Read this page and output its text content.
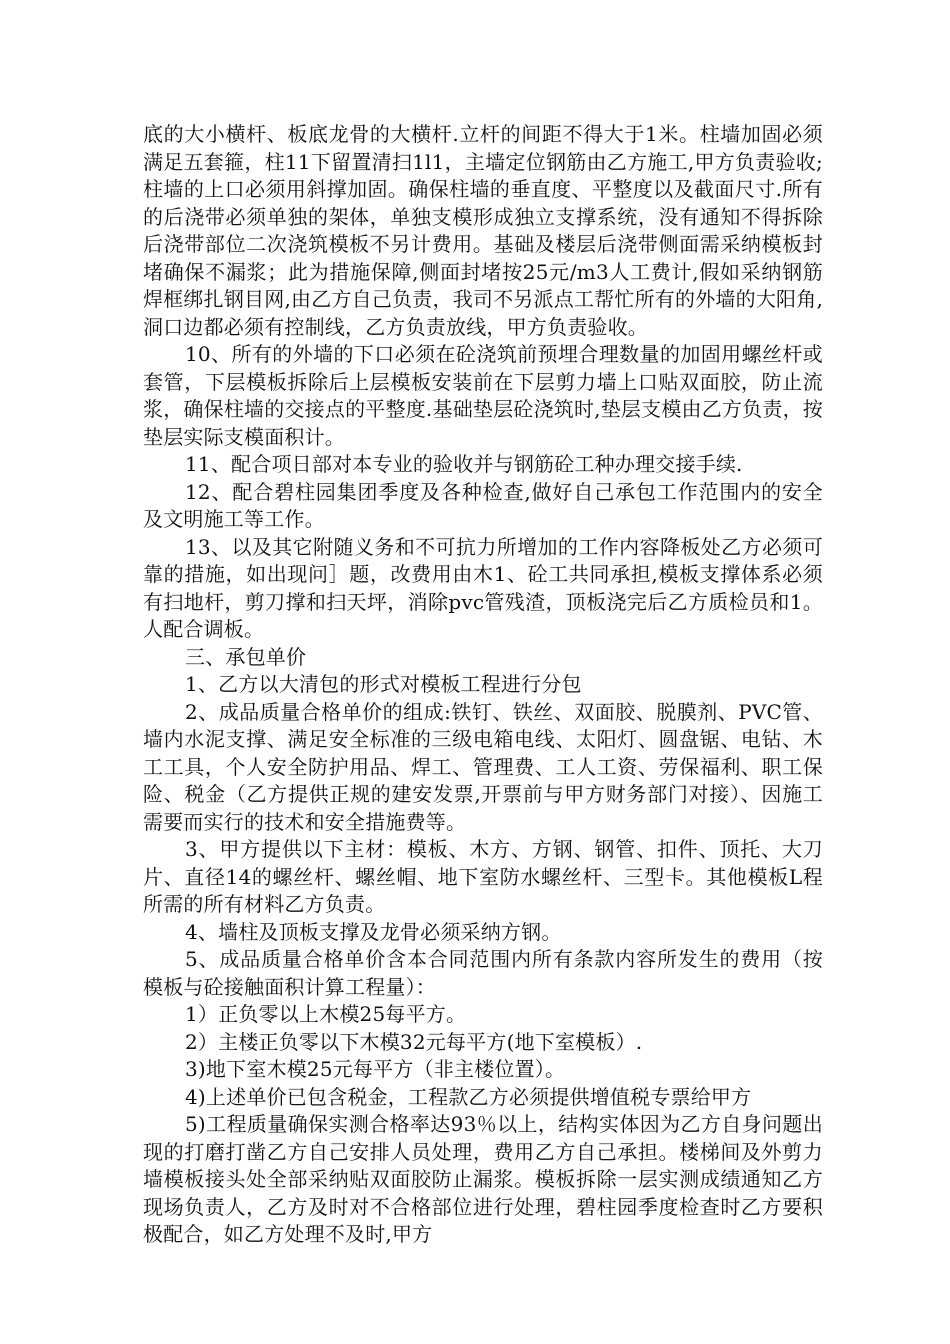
底的大小横杆、板底龙骨的大横杆.立杆的间距不得大于1米。柱墙加固必须满足五套箍，柱11下留置清扫1l1，主墙定位钢筋由乙方施工,甲方负责验收;柱墙的上口必须用斜撑加固。确保柱墙的垂直度、平整度以及截面尺寸.所有的后浇带必须单独的架体，单独支模形成独立支撑系统，没有通知不得拆除后浇带部位二次浇筑模板不另计费用。基础及楼层后浇带侧面需采纳模板封堵确保不漏浆；此为措施保障,侧面封堵按25元/m3人工费计,假如采纳钢筋焊框绑扎钢目网,由乙方自己负责，我司不另派点工帮忙所有的外墙的大阳角,洞口边都必须有控制线，乙方负责放线，甲方负责验收。

10、所有的外墙的下口必须在砼浇筑前预埋合理数量的加固用螺丝杆或套管，下层模板拆除后上层模板安装前在下层剪力墙上口贴双面胶，防止流浆，确保柱墙的交接点的平整度.基础垫层砼浇筑时,垫层支模由乙方负责，按垫层实际支模面积计。

11、配合项日部对本专业的验收并与钢筋砼工种办理交接手续.

12、配合碧柱园集团季度及各种检查,做好自己承包工作范围内的安全及文明施工等工作。

13、以及其它附随义务和不可抗力所增加的工作内容降板处乙方必须可靠的措施，如出现问］题，改费用由木1、砼工共同承担,模板支撑体系必须有扫地杆，剪刀撑和扫天坪，消除pvc管残渣，顶板浇完后乙方质检员和1。人配合调板。

三、承包单价

1、乙方以大清包的形式对模板工程进行分包

2、成品质量合格单价的组成:铁钉、铁丝、双面胶、脱膜剂、PVC管、墙内水泥支撑、满足安全标准的三级电箱电线、太阳灯、圆盘锯、电钻、木工工具，个人安全防护用品、焊工、管理费、工人工资、劳保福利、职工保险、税金（乙方提供正规的建安发票,开票前与甲方财务部门对接）、因施工需要而实行的技术和安全措施费等。

3、甲方提供以下主材：模板、木方、方钢、钢管、扣件、顶托、大刀片、直径14的螺丝杆、螺丝帽、地下室防水螺丝杆、三型卡。其他模板L程所需的所有材料乙方负责。

4、墙柱及顶板支撑及龙骨必须采纳方钢。

5、成品质量合格单价含本合同范围内所有条款内容所发生的费用（按模板与砼接触面积计算工程量）：

1）正负零以上木模25每平方。

2）主楼正负零以下木模32元每平方(地下室模板）.

3)地下室木模25元每平方（非主楼位置）。

4)上述单价已包含税金，工程款乙方必须提供增值税专票给甲方

5)工程质量确保实测合格率达93％以上，结构实体因为乙方自身问题出现的打磨打凿乙方自己安排人员处理，费用乙方自己承担。楼梯间及外剪力墙模板接头处全部采纳贴双面胶防止漏浆。模板拆除一层实测成绩通知乙方现场负责人，乙方及时对不合格部位进行处理，碧柱园季度检查时乙方要积极配合，如乙方处理不及时,甲方
